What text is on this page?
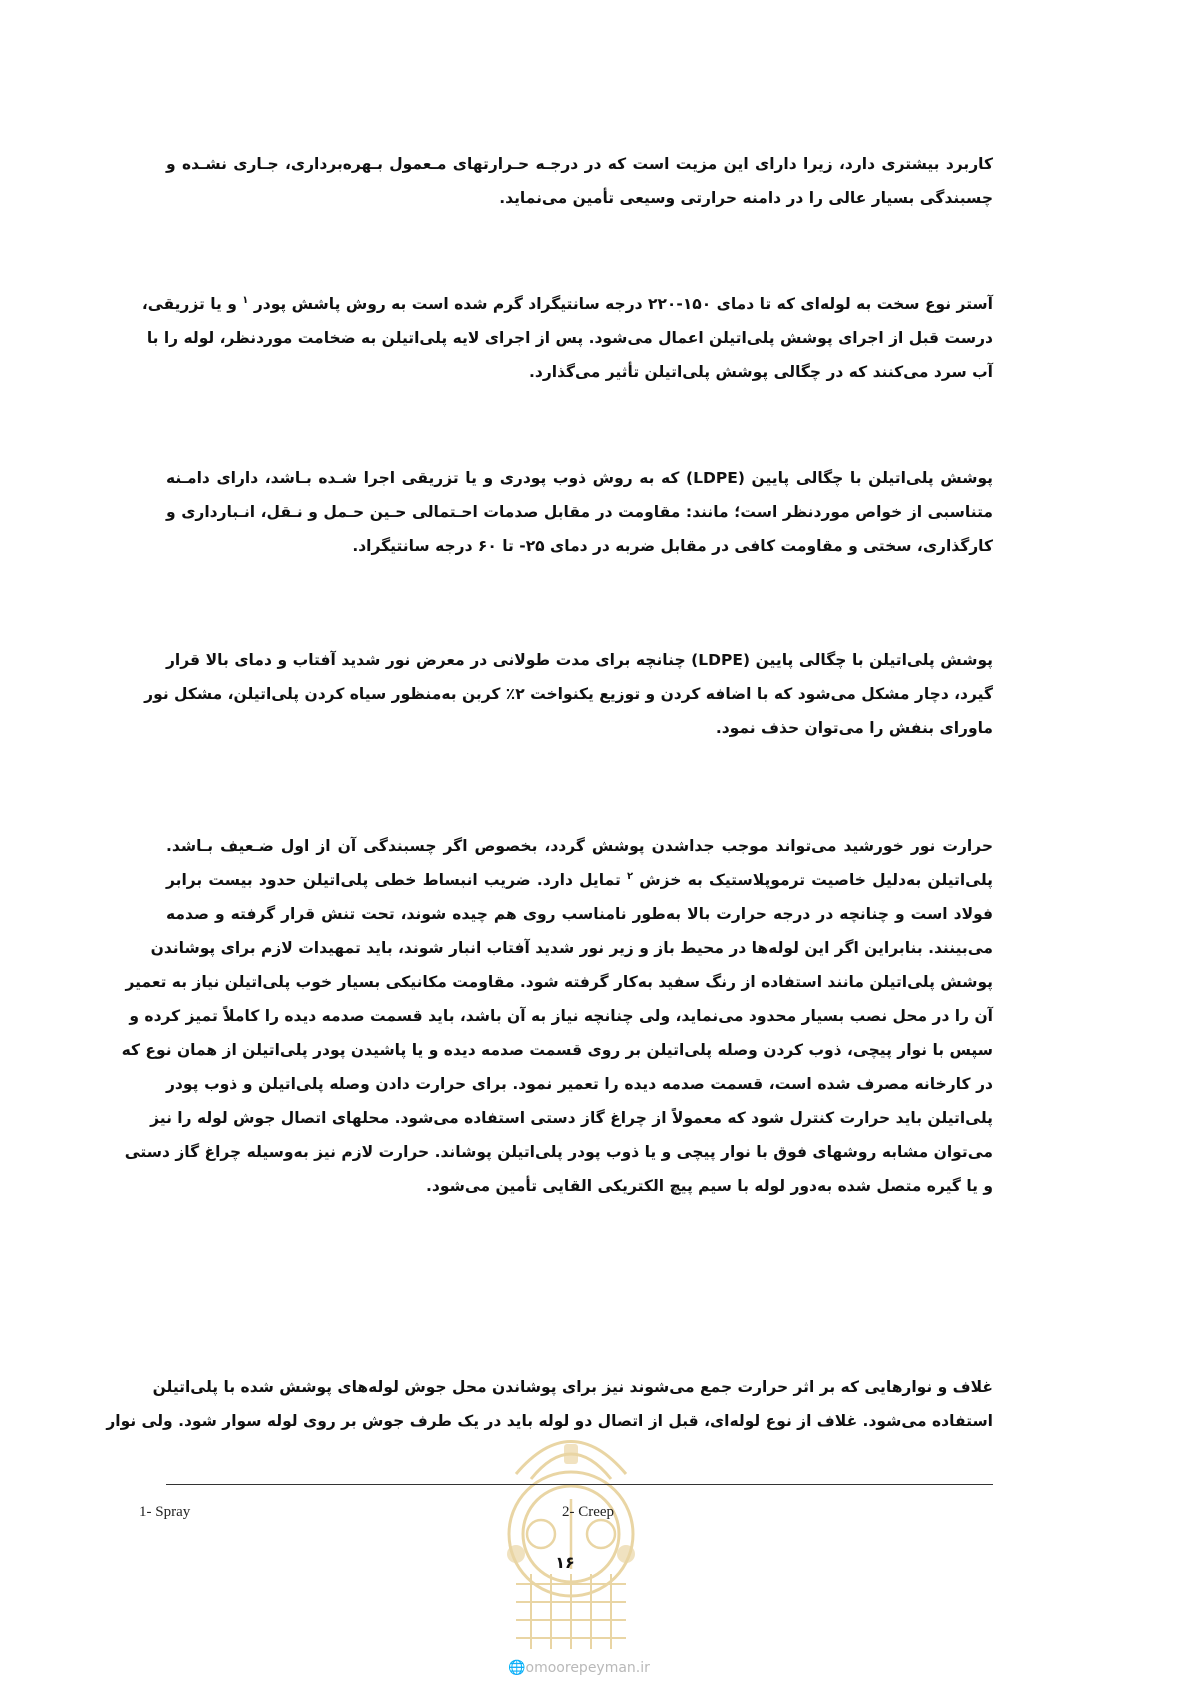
کاربرد بیشتری دارد، زیرا دارای این مزیت است که در درجـه حـرارتهای مـعمول بـهره‌برداری، جـاری نشـده و
چسبندگی بسیار عالی را در دامنه حرارتی وسیعی تأمین می‌نماید.
آستر نوع سخت به لوله‌ای که تا دمای ۱۵۰-۲۲۰ درجه سانتیگراد گرم شده است به روش پاشش پودر $^۱$ و یا تزریقی،
درست قبل از اجرای پوشش پلی‌اتیلن اعمال می‌شود. پس از اجرای لایه پلی‌اتیلن به ضخامت موردنظر، لوله را با
آب سرد می‌کنند که در چگالی پوشش پلی‌اتیلن تأثیر می‌گذارد.
پوشش پلی‌اتیلن با چگالی پایین (LDPE) که به روش ذوب پودری و یا تزریقی اجرا شـده بـاشد، دارای دامـنه
متناسبی از خواص موردنظر است؛ مانند: مقاومت در مقابل صدمات احـتمالی حـین حـمل و نـقل، انـبارداری و
کارگذاری، سختی و مقاومت کافی در مقابل ضربه در دمای ۲۵- تا ۶۰ درجه سانتیگراد.
پوشش پلی‌اتیلن با چگالی پایین (LDPE) چنانچه برای مدت طولانی در معرض نور شدید آفتاب و دمای بالا قرار
گیرد، دچار مشکل می‌شود که با اضافه کردن و توزیع یکنواخت ۲٪ کربن به‌منظور سیاه کردن پلی‌اتیلن، مشکل نور
ماورای بنفش را می‌توان حذف نمود.
حرارت نور خورشید می‌تواند موجب جداشدن پوشش گردد، بخصوص اگر چسبندگی آن از اول ضـعیف بـاشد.
پلی‌اتیلن به‌دلیل خاصیت ترموپلاستیک به خزش $^۲$ تمایل دارد. ضریب انبساط خطی پلی‌اتیلن حدود بیست برابر
فولاد است و چنانچه در درجه حرارت بالا به‌طور نامناسب روی هم چیده شوند، تحت تنش قرار گرفته و صدمه
می‌بینند. بنابراین اگر این لوله‌ها در محیط باز و زیر نور شدید آفتاب انبار شوند، باید تمهیدات لازم برای پوشاندن
پوشش پلی‌اتیلن مانند استفاده از رنگ سفید به‌کار گرفته شود. مقاومت مکانیکی بسیار خوب پلی‌اتیلن نیاز به تعمیر
آن را در محل نصب بسیار محدود می‌نماید، ولی چنانچه نیاز به آن باشد، باید قسمت صدمه دیده را کاملاً تمیز کرده و
سپس با نوار پیچی، ذوب کردن وصله پلی‌اتیلن بر روی قسمت صدمه دیده و یا پاشیدن پودر پلی‌اتیلن از همان نوع که
در کارخانه مصرف شده است، قسمت صدمه دیده را تعمیر نمود. برای حرارت دادن وصله پلی‌اتیلن و ذوب پودر
پلی‌اتیلن باید حرارت کنترل شود که معمولاً از چراغ گاز دستی استفاده می‌شود. محلهای اتصال جوش لوله را نیز
می‌توان مشابه روشهای فوق با نوار پیچی و یا ذوب پودر پلی‌اتیلن پوشاند. حرارت لازم نیز به‌وسیله چراغ گاز دستی
و یا گیره متصل شده به‌دور لوله با سیم پیچ الکتریکی القایی تأمین می‌شود.
غلاف و نوارهایی که بر اثر حرارت جمع می‌شوند نیز برای پوشاندن محل جوش لوله‌های پوشش شده با پلی‌اتیلن
استفاده می‌شود. غلاف از نوع لوله‌ای، قبل از اتصال دو لوله باید در یک طرف جوش بر روی لوله سوار شود. ولی نوار
1- Spray	2- Creep
۱۶
🌐omoorepeyman.ir
